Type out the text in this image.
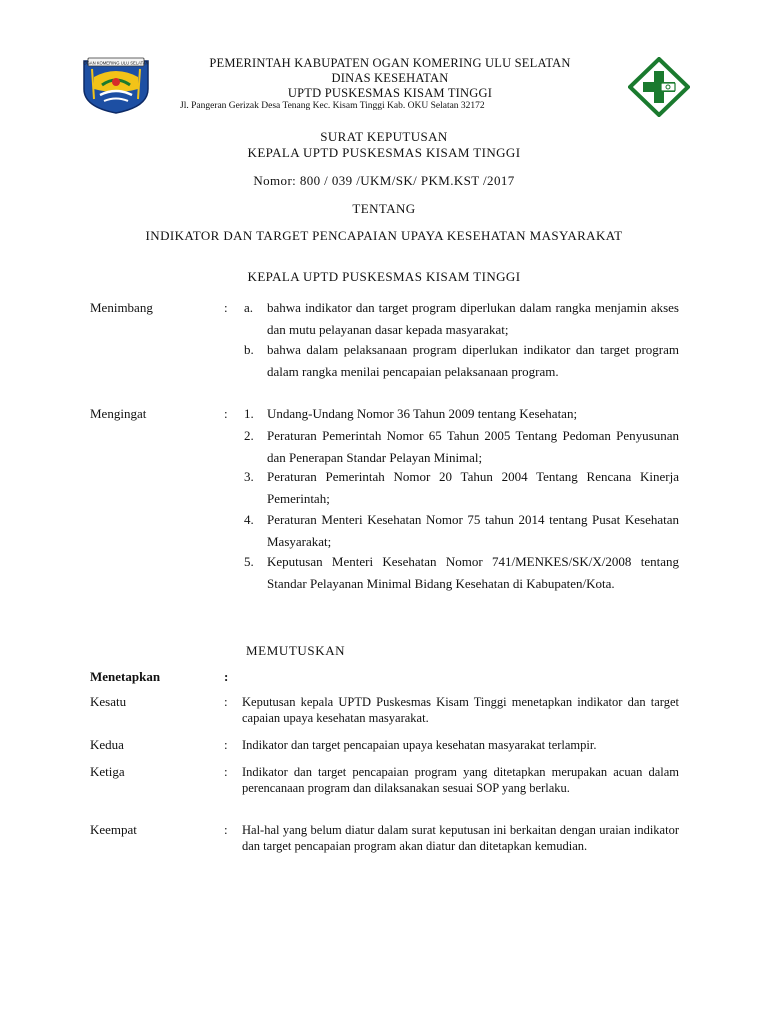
OGAN KOMERING ULU SELATAN	PEMERINTAH KABUPATEN OGAN KOMERING ULU SELATAN
DINAS KESEHATAN
UPTD PUSKESMAS KISAM TINGGI
Jl. Pangeran Gerizak Desa Tenang Kec. Kisam Tinggi Kab. OKU Selatan 32172
SURAT KEPUTUSAN
KEPALA UPTD PUSKESMAS KISAM TINGGI
Nomor: 800 / 039 /UKM/SK/ PKM.KST /2017
TENTANG
INDIKATOR DAN TARGET PENCAPAIAN UPAYA KESEHATAN MASYARAKAT
KEPALA UPTD PUSKESMAS KISAM TINGGI
Menimbang	: a.	bahwa indikator dan target program diperlukan dalam rangka menjamin akses dan mutu pelayanan dasar kepada masyarakat;
b.	bahwa dalam pelaksanaan program diperlukan indikator dan target program dalam rangka menilai pencapaian pelaksanaan program.
Mengingat	: 1.	Undang-Undang Nomor 36 Tahun 2009 tentang Kesehatan;
2.	Peraturan Pemerintah Nomor 65 Tahun 2005 Tentang Pedoman Penyusunan dan Penerapan Standar Pelayan Minimal;
3.	Peraturan Pemerintah Nomor 20 Tahun 2004 Tentang Rencana Kinerja Pemerintah;
4.	Peraturan Menteri Kesehatan Nomor 75 tahun 2014 tentang Pusat Kesehatan Masyarakat;
5.	Keputusan Menteri Kesehatan Nomor 741/MENKES/SK/X/2008 tentang Standar Pelayanan Minimal Bidang Kesehatan di Kabupaten/Kota.
MEMUTUSKAN
Menetapkan	:
Kesatu	: Keputusan kepala UPTD Puskesmas Kisam Tinggi menetapkan indikator dan target capaian upaya kesehatan masyarakat.
Kedua	: Indikator dan target pencapaian upaya kesehatan masyarakat terlampir.
Ketiga	: Indikator dan target pencapaian program yang ditetapkan merupakan acuan dalam perencanaan program dan dilaksanakan sesuai SOP yang berlaku.
Keempat	: Hal-hal yang belum diatur dalam surat keputusan ini berkaitan dengan uraian indikator dan target pencapaian program akan diatur dan ditetapkan kemudian.
